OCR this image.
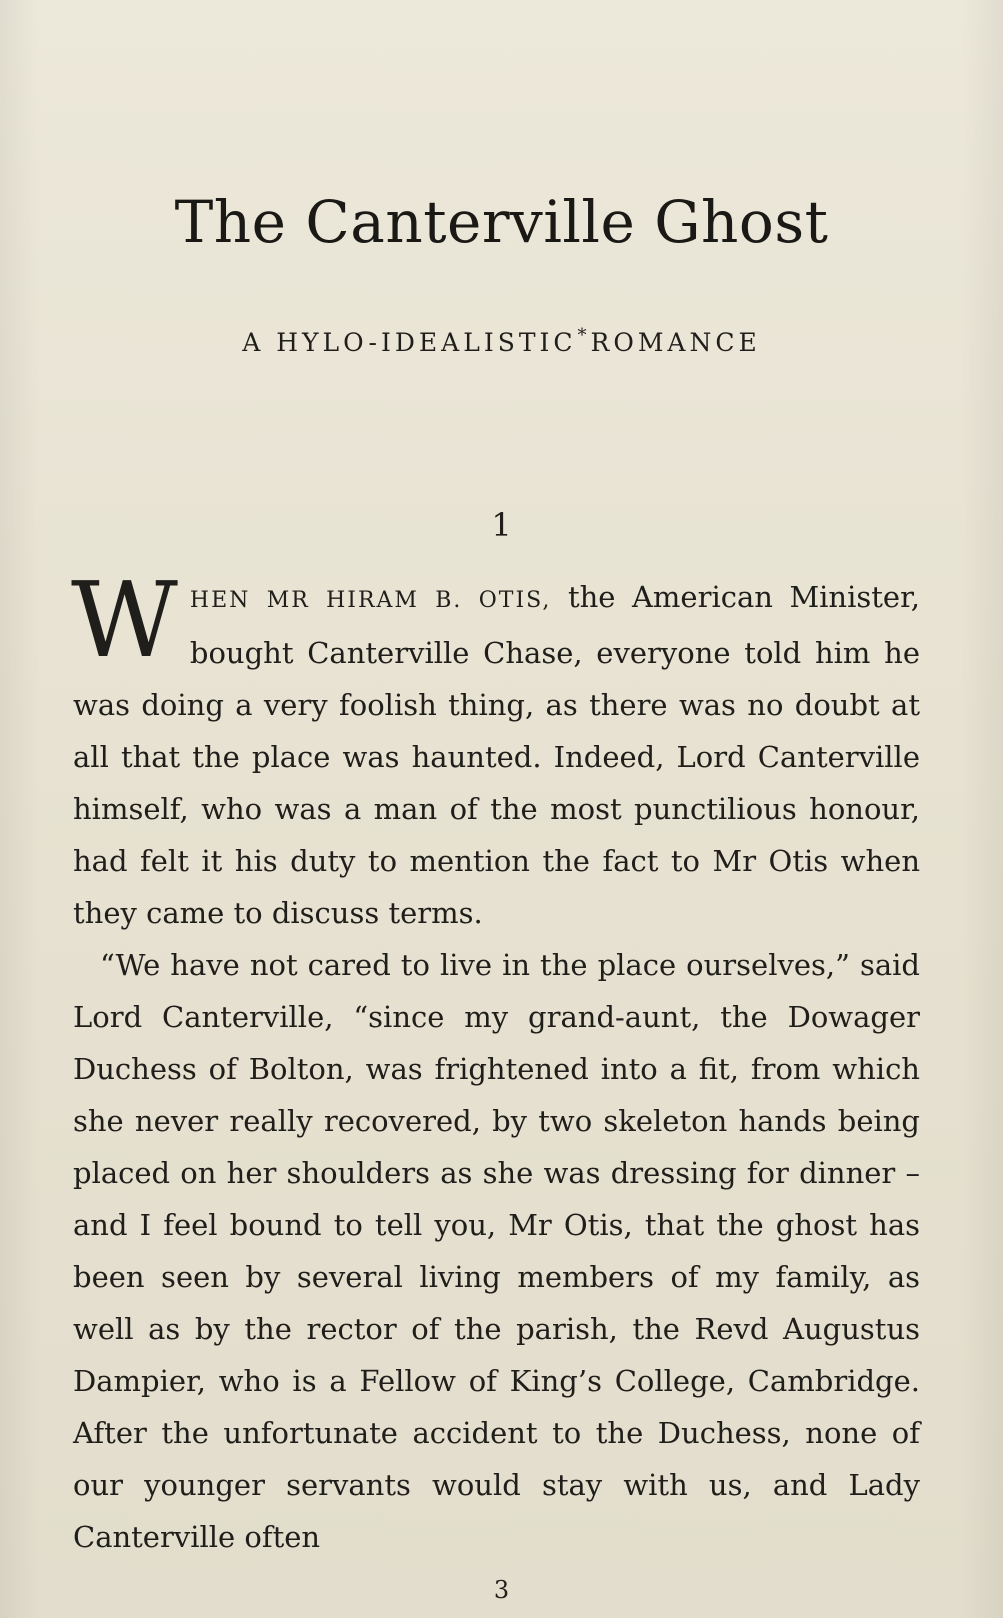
The Canterville Ghost

A HYLO-IDEALISTIC* ROMANCE

1

WHEN MR HIRAM B. OTIS, the American Minister, bought Canterville Chase, everyone told him he was doing a very foolish thing, as there was no doubt at all that the place was haunted. Indeed, Lord Canterville himself, who was a man of the most punctilious honour, had felt it his duty to mention the fact to Mr Otis when they came to discuss terms.

“We have not cared to live in the place ourselves,” said Lord Canterville, “since my grand-aunt, the Dowager Duchess of Bolton, was frightened into a fit, from which she never really recovered, by two skeleton hands being placed on her shoulders as she was dressing for dinner – and I feel bound to tell you, Mr Otis, that the ghost has been seen by several living members of my family, as well as by the rector of the parish, the Revd Augustus Dampier, who is a Fellow of King’s College, Cambridge. After the unfortunate accident to the Duchess, none of our younger servants would stay with us, and Lady Canterville often

3
